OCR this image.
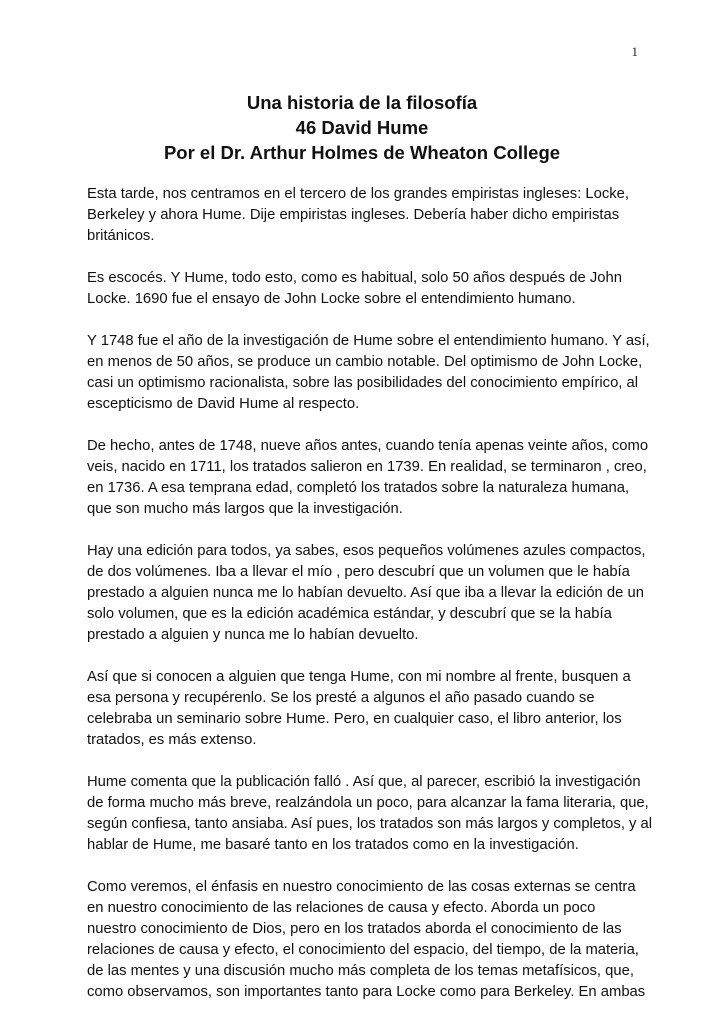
1
Una historia de la filosofía
46 David Hume
Por el Dr. Arthur Holmes de Wheaton College

Esta tarde, nos centramos en el tercero de los grandes empiristas ingleses: Locke,
Berkeley y ahora Hume. Dije empiristas ingleses. Debería haber dicho empiristas
británicos.

Es escocés. Y Hume, todo esto, como es habitual, solo 50 años después de John
Locke. 1690 fue el ensayo de John Locke sobre el entendimiento humano.

Y 1748 fue el año de la investigación de Hume sobre el entendimiento humano. Y así,
en menos de 50 años, se produce un cambio notable. Del optimismo de John Locke,
casi un optimismo racionalista, sobre las posibilidades del conocimiento empírico, al
escepticismo de David Hume al respecto.

De hecho, antes de 1748, nueve años antes, cuando tenía apenas veinte años, como
veis, nacido en 1711, los tratados salieron en 1739. En realidad, se terminaron , creo,
en 1736. A esa temprana edad, completó los tratados sobre la naturaleza humana,
que son mucho más largos que la investigación.

Hay una edición para todos, ya sabes, esos pequeños volúmenes azules compactos,
de dos volúmenes. Iba a llevar el mío , pero descubrí que un volumen que le había
prestado a alguien nunca me lo habían devuelto. Así que iba a llevar la edición de un
solo volumen, que es la edición académica estándar, y descubrí que se la había
prestado a alguien y nunca me lo habían devuelto.

Así que si conocen a alguien que tenga Hume, con mi nombre al frente, busquen a
esa persona y recupérenlo. Se los presté a algunos el año pasado cuando se
celebraba un seminario sobre Hume. Pero, en cualquier caso, el libro anterior, los
tratados, es más extenso.

Hume comenta que la publicación falló . Así que, al parecer, escribió la investigación
de forma mucho más breve, realzándola un poco, para alcanzar la fama literaria, que,
según confiesa, tanto ansiaba. Así pues, los tratados son más largos y completos, y al
hablar de Hume, me basaré tanto en los tratados como en la investigación.

Como veremos, el énfasis en nuestro conocimiento de las cosas externas se centra
en nuestro conocimiento de las relaciones de causa y efecto. Aborda un poco
nuestro conocimiento de Dios, pero en los tratados aborda el conocimiento de las
relaciones de causa y efecto, el conocimiento del espacio, del tiempo, de la materia,
de las mentes y una discusión mucho más completa de los temas metafísicos, que,
como observamos, son importantes tanto para Locke como para Berkeley. En ambas
